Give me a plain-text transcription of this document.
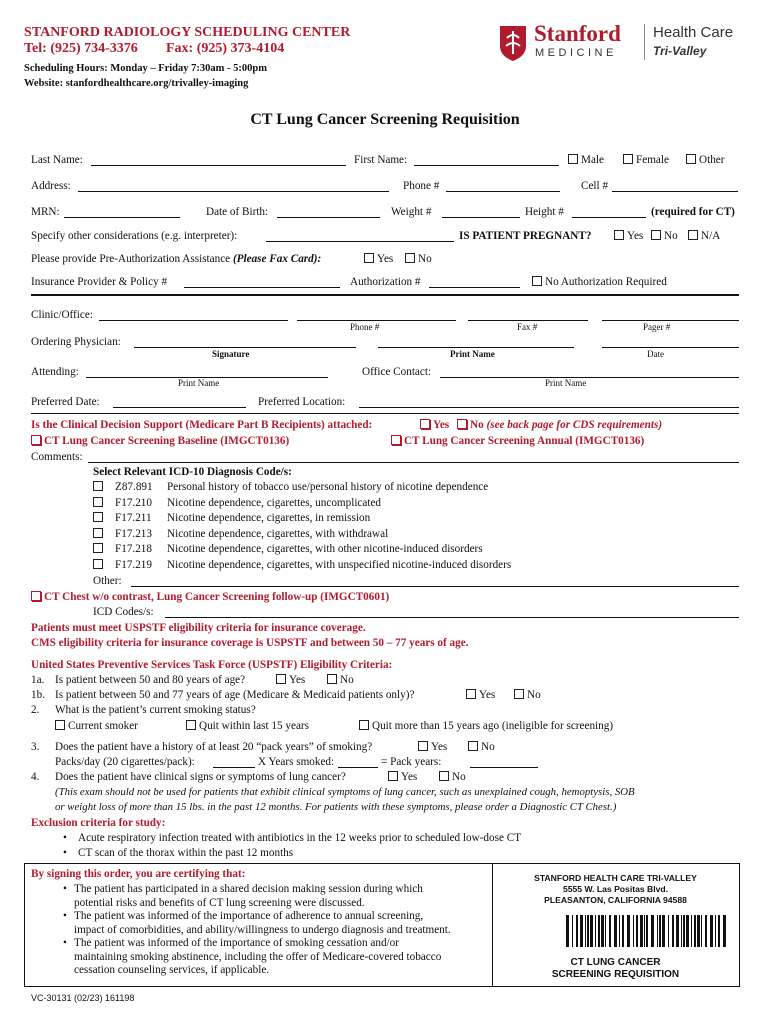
STANFORD RADIOLOGY SCHEDULING CENTER
Tel: (925) 734-3376 Fax: (925) 373-4104
Scheduling Hours: Monday – Friday 7:30am - 5:00pm
Website: stanfordhealthcare.org/trivalley-imaging
Stanford
MEDICINE
Health Care
Tri-Valley
CT Lung Cancer Screening Requisition
Last Name:	First Name:	Male	Female	Other
Address:	Phone #	Cell #
MRN:	Date of Birth:	Weight #	Height #	(required for CT)
Specify other considerations (e.g. interpreter):	IS PATIENT PREGNANT?	Yes	No	N/A
Please provide Pre-Authorization Assistance (Please Fax Card):	Yes	No
Insurance Provider & Policy #	Authorization #	No Authorization Required
Clinic/Office:
Phone #	Fax #	Pager #
Ordering Physician:
Signature	Print Name	Date
Attending:	Office Contact:
Print Name	Print Name
Preferred Date:	Preferred Location:
Is the Clinical Decision Support (Medicare Part B Recipients) attached:	Yes	No (see back page for CDS requirements)
CT Lung Cancer Screening Baseline (IMGCT0136)	CT Lung Cancer Screening Annual (IMGCT0136)
Comments:
Select Relevant ICD-10 Diagnosis Code/s:
Z87.891 Personal history of tobacco use/personal history of nicotine dependence
F17.210 Nicotine dependence, cigarettes, uncomplicated
F17.211 Nicotine dependence, cigarettes, in remission
F17.213 Nicotine dependence, cigarettes, with withdrawal
F17.218 Nicotine dependence, cigarettes, with other nicotine-induced disorders
F17.219 Nicotine dependence, cigarettes, with unspecified nicotine-induced disorders
Other:
CT Chest w/o contrast, Lung Cancer Screening follow-up (IMGCT0601)
ICD Codes/s:
Patients must meet USPSTF eligibility criteria for insurance coverage.
CMS eligibility criteria for insurance coverage is USPSTF and between 50 – 77 years of age.
United States Preventive Services Task Force (USPSTF) Eligibility Criteria:
1a. Is patient between 50 and 80 years of age?	Yes	No
1b. Is patient between 50 and 77 years of age (Medicare & Medicaid patients only)?	Yes	No
2. What is the patient’s current smoking status?
Current smoker	Quit within last 15 years	Quit more than 15 years ago (ineligible for screening)
3. Does the patient have a history of at least 20 “pack years” of smoking?	Yes	No
Packs/day (20 cigarettes/pack):	X Years smoked:	= Pack years:
4. Does the patient have clinical signs or symptoms of lung cancer?	Yes	No
(This exam should not be used for patients that exhibit clinical symptoms of lung cancer, such as unexplained cough, hemoptysis, SOB
or weight loss of more than 15 lbs. in the past 12 months. For patients with these symptoms, please order a Diagnostic CT Chest.)
Exclusion criteria for study:
• Acute respiratory infection treated with antibiotics in the 12 weeks prior to scheduled low-dose CT
• CT scan of the thorax within the past 12 months
By signing this order, you are certifying that:
• The patient has participated in a shared decision making session during which
potential risks and benefits of CT lung screening were discussed.
• The patient was informed of the importance of adherence to annual screening,
impact of comorbidities, and ability/willingness to undergo diagnosis and treatment.
• The patient was informed of the importance of smoking cessation and/or
maintaining smoking abstinence, including the offer of Medicare-covered tobacco
cessation counseling services, if applicable.
STANFORD HEALTH CARE TRI-VALLEY
5555 W. Las Positas Blvd.
PLEASANTON, CALIFORNIA 94588
CT LUNG CANCER
SCREENING REQUISITION
VC-30131 (02/23) 161198
